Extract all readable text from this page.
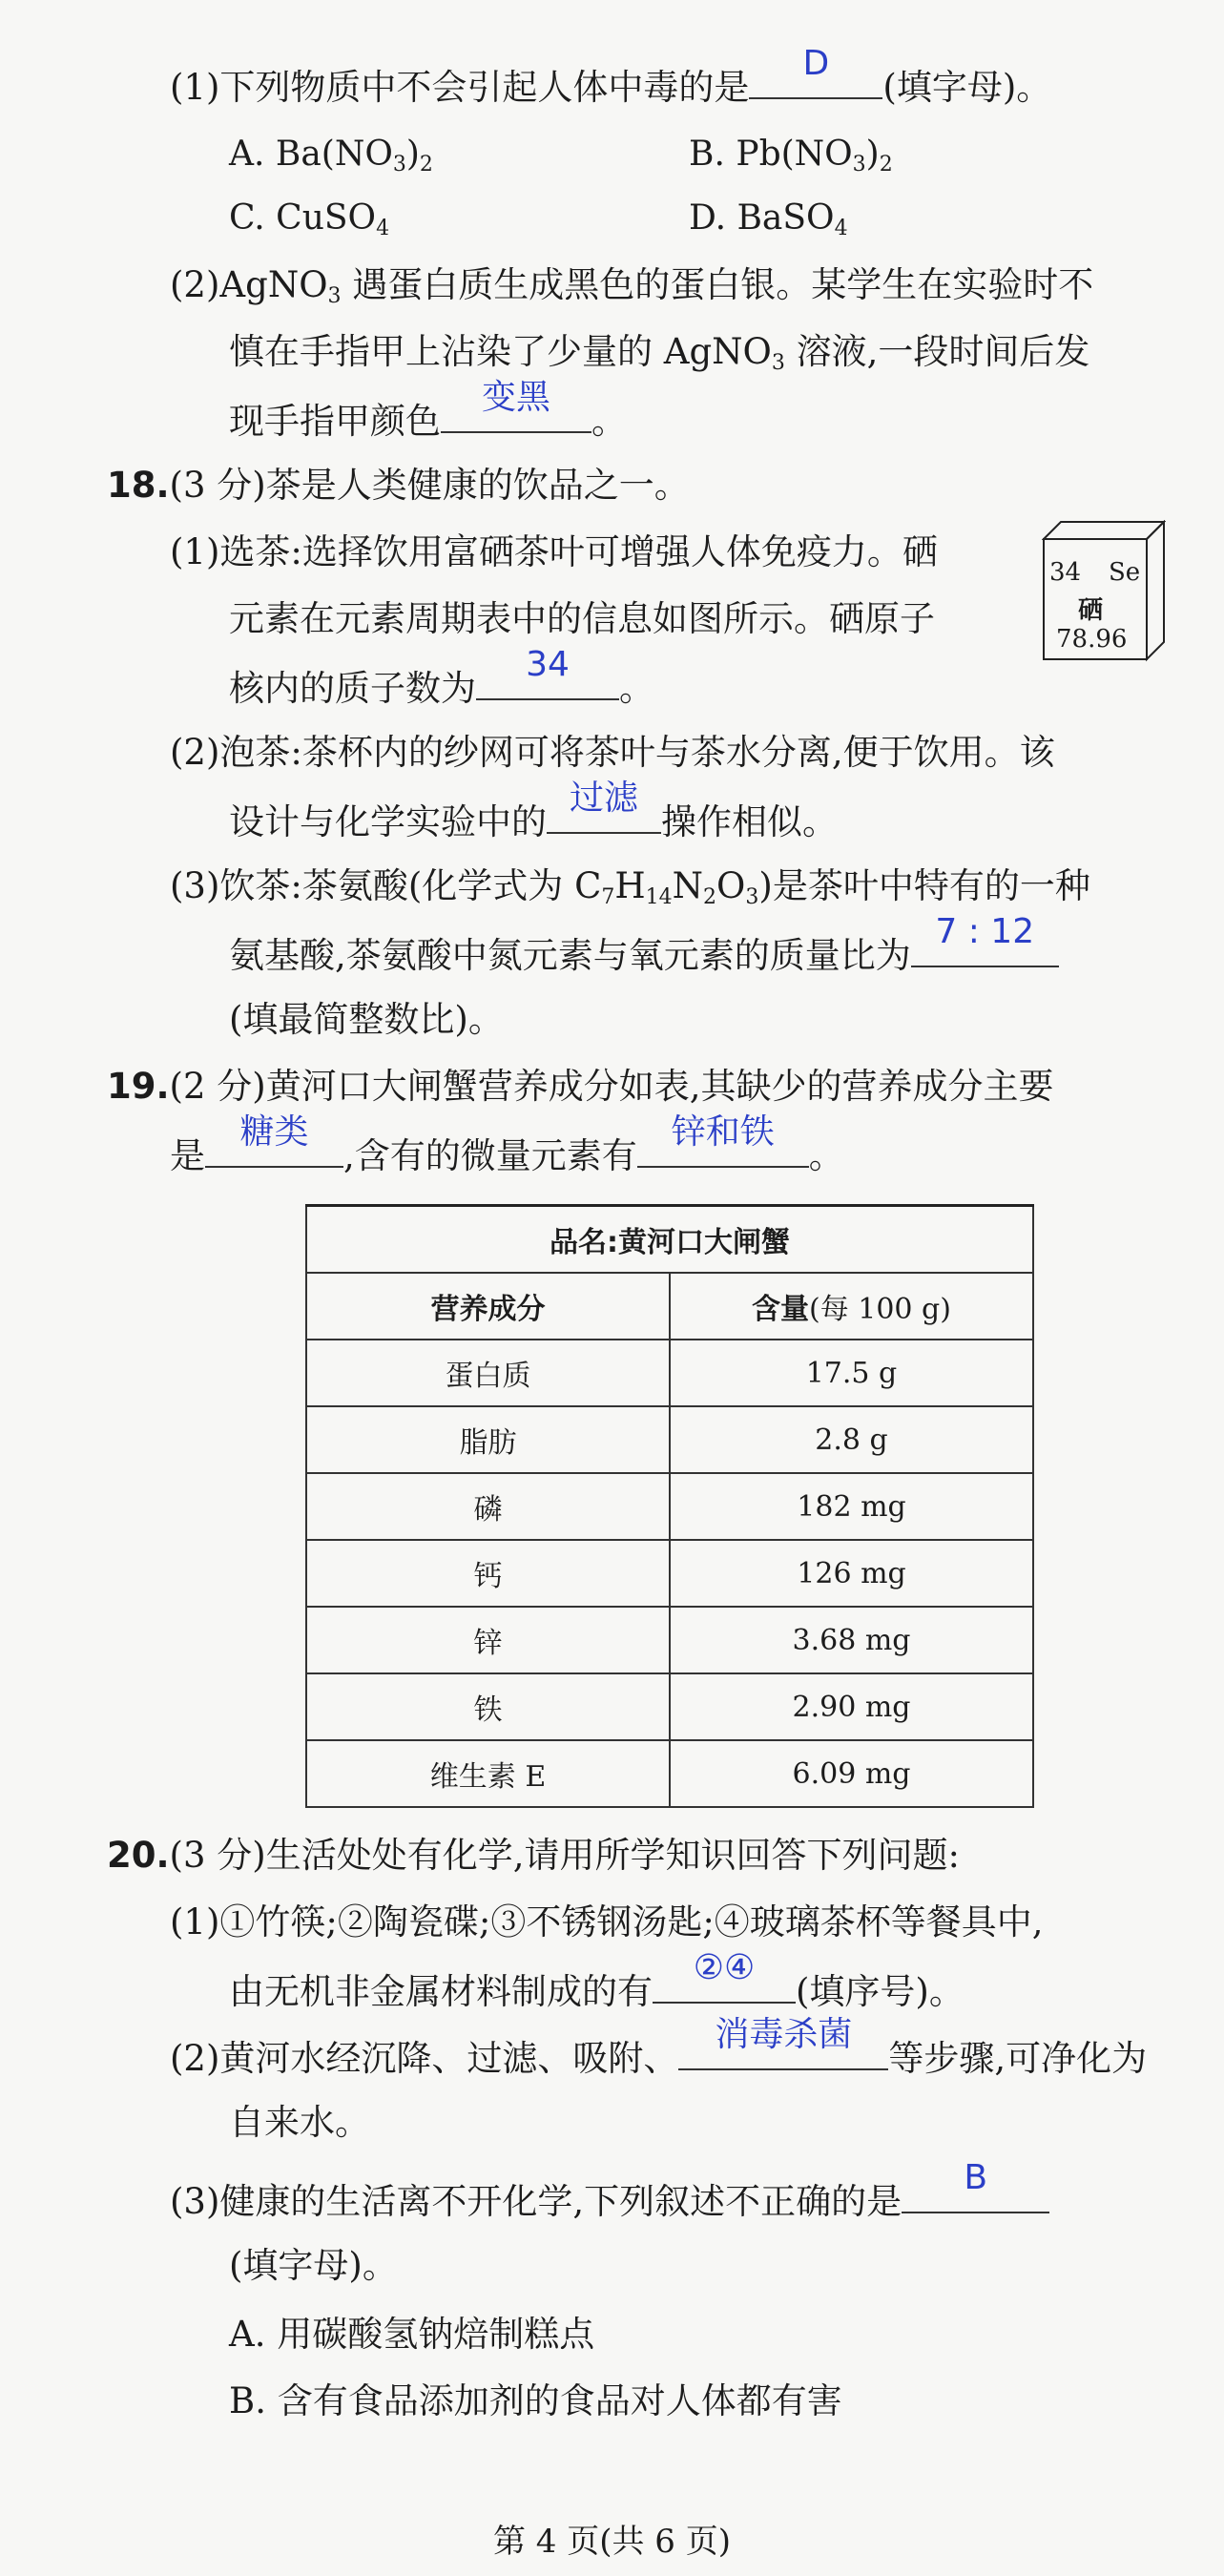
(1)下列物质中不会引起人体中毒的是
D
(填字母)。
A. $Ba(NO_3)_2$	B. $Pb(NO_3)_2$
C. CuSO$_4$	D. BaSO$_4$
(2)AgNO$_3$ 遇蛋白质生成黑色的蛋白银。某学生在实验时不
慎在手指甲上沾染了少量的 AgNO$_3$ 溶液,一段时间后发
现手指甲颜色
变黑
。
18.(3 分)茶是人类健康的饮品之一。
(1)选茶:选择饮用富硒茶叶可增强人体免疫力。硒
元素在元素周期表中的信息如图所示。硒原子
核内的质子数为
34
。
34 Se
硒
78.96
(2)泡茶:茶杯内的纱网可将茶叶与茶水分离,便于饮用。该
设计与化学实验中的
过滤
操作相似。
(3)饮茶:茶氨酸(化学式为 $C_7H_{14}N_2O_3$)是茶叶中特有的一种
氨基酸,茶氨酸中氮元素与氧元素的质量比为
7 : 12
(填最简整数比)。
19.(2 分)黄河口大闸蟹营养成分如表,其缺少的营养成分主要
是
糖类
,含有的微量元素有
锌和铁
。
品名:黄河口大闸蟹	
营养成分	含量(每 100 g)
蛋白质	17.5 g
脂肪	2.8 g
磷	182 mg
钙	126 mg
锌	3.68 mg
铁	2.90 mg
维生素 E	6.09 mg
20.(3 分)生活处处有化学,请用所学知识回答下列问题:
(1)①竹筷;②陶瓷碟;③不锈钢汤匙;④玻璃茶杯等餐具中,
由无机非金属材料制成的有
②④
(填序号)。
(2)黄河水经沉降、过滤、吸附、
消毒杀菌
等步骤,可净化为
自来水。
(3)健康的生活离不开化学,下列叙述不正确的是
B
(填字母)。
A. 用碳酸氢钠焙制糕点
B. 含有食品添加剂的食品对人体都有害
第 4 页(共 6 页)
